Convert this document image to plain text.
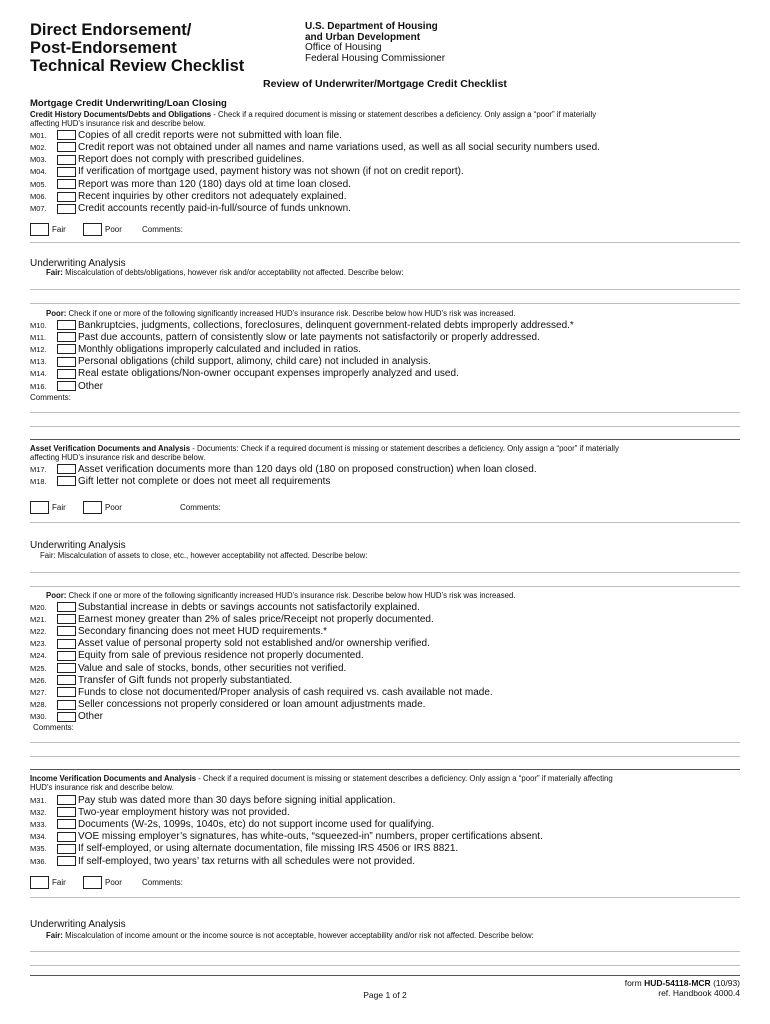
Direct Endorsement/
Post-Endorsement
Technical Review Checklist
U.S. Department of Housing
and Urban Development
Office of Housing
Federal Housing Commissioner
Review of Underwriter/Mortgage Credit Checklist
Mortgage Credit Underwriting/Loan Closing
Credit History Documents/Debts and Obligations - Check if a required document is missing or statement describes a deficiency. Only assign a “poor” if materially
affecting HUD’s insurance risk and describe below.
M01.	Copies of all credit reports were not submitted with loan file.
M02.	Credit report was not obtained under all names and name variations used, as well as all social security numbers used.
M03.	Report does not comply with prescribed guidelines.
M04.	If verification of mortgage used, payment history was not shown (if not on credit report).
M05.	Report was more than 120 (180) days old at time loan closed.
M06.	Recent inquiries by other creditors not adequately explained.
M07.	Credit accounts recently paid-in-full/source of funds unknown.
Fair	Poor	Comments:
Underwriting Analysis
Fair: Miscalculation of debts/obligations, however risk and/or acceptability not affected. Describe below:
Poor: Check if one or more of the following significantly increased HUD’s insurance risk. Describe below how HUD’s risk was increased.
M10.	Bankruptcies, judgments, collections, foreclosures, delinquent government-related debts improperly addressed.*
M11.	Past due accounts, pattern of consistently slow or late payments not satisfactorily or properly addressed.
M12.	Monthly obligations improperly calculated and included in ratios.
M13.	Personal obligations (child support, alimony, child care) not included in analysis.
M14.	Real estate obligations/Non-owner occupant expenses improperly analyzed and used.
M16.	Other
Comments:
Asset Verification Documents and Analysis - Documents: Check if a required document is missing or statement describes a deficiency. Only assign a “poor” if materially
affecting HUD’s insurance risk and describe below.
M17.	Asset verification documents more than 120 days old (180 on proposed construction) when loan closed.
M18.	Gift letter not complete or does not meet all requirements
Fair	Poor	Comments:
Underwriting Analysis
Fair: Miscalculation of assets to close, etc., however acceptability not affected. Describe below:
Poor: Check if one or more of the following significantly increased HUD’s insurance risk. Describe below how HUD’s risk was increased.
M20.	Substantial increase in debts or savings accounts not satisfactorily explained.
M21.	Earnest money greater than 2% of sales price/Receipt not properly documented.
M22.	Secondary financing does not meet HUD requirements.*
M23.	Asset value of personal property sold not established and/or ownership verified.
M24.	Equity from sale of previous residence not properly documented.
M25.	Value and sale of stocks, bonds, other securities not verified.
M26.	Transfer of Gift funds not properly substantiated.
M27.	Funds to close not documented/Proper analysis of cash required vs. cash available not made.
M28.	Seller concessions not properly considered or loan amount adjustments made.
M30.	Other
Comments:
Income Verification Documents and Analysis - Check if a required document is missing or statement describes a deficiency. Only assign a “poor” if materially affecting
HUD’s insurance risk and describe below.
M31.	Pay stub was dated more than 30 days before signing initial application.
M32.	Two-year employment history was not provided.
M33.	Documents (W-2s, 1099s, 1040s, etc) do not support income used for qualifying.
M34.	VOE missing employer’s signatures, has white-outs, “squeezed-in” numbers, proper certifications absent.
M35.	If self-employed, or using alternate documentation, file missing IRS 4506 or IRS 8821.
M36.	If self-employed, two years’ tax returns with all schedules were not provided.
Fair	Poor	Comments:
Underwriting Analysis
Fair: Miscalculation of income amount or the income source is not acceptable, however acceptability and/or risk not affected. Describe below:
form HUD-54118-MCR (10/93)
ref. Handbook 4000.4
Page 1 of 2
